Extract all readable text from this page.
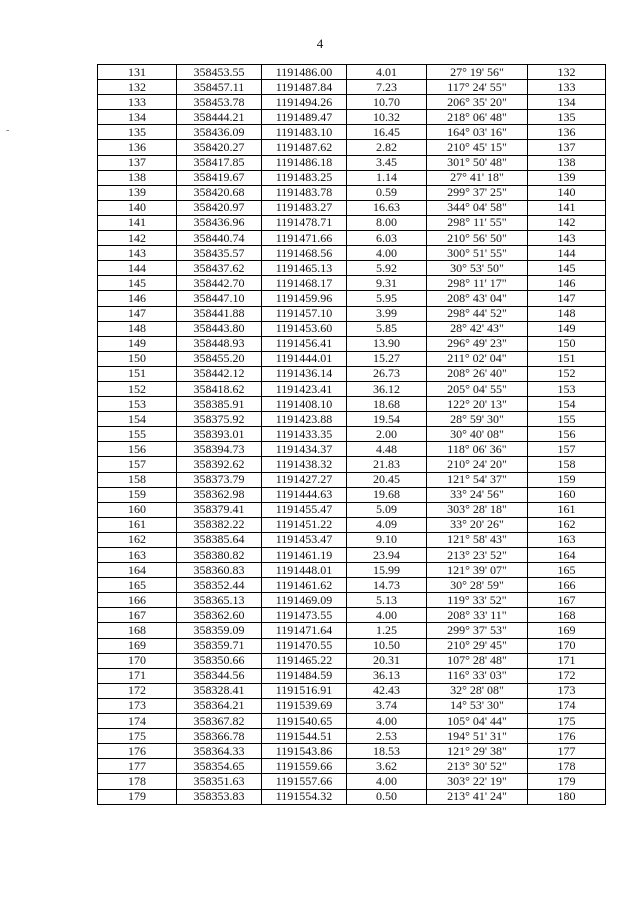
4
-
131	358453.55	1191486.00	4.01	27° 19' 56"	132
132	358457.11	1191487.84	7.23	117° 24' 55"	133
133	358453.78	1191494.26	10.70	206° 35' 20"	134
134	358444.21	1191489.47	10.32	218° 06' 48"	135
135	358436.09	1191483.10	16.45	164° 03' 16"	136
136	358420.27	1191487.62	2.82	210° 45' 15"	137
137	358417.85	1191486.18	3.45	301° 50' 48"	138
138	358419.67	1191483.25	1.14	27° 41' 18"	139
139	358420.68	1191483.78	0.59	299° 37' 25"	140
140	358420.97	1191483.27	16.63	344° 04' 58"	141
141	358436.96	1191478.71	8.00	298° 11' 55"	142
142	358440.74	1191471.66	6.03	210° 56' 50"	143
143	358435.57	1191468.56	4.00	300° 51' 55"	144
144	358437.62	1191465.13	5.92	30° 53' 50"	145
145	358442.70	1191468.17	9.31	298° 11' 17"	146
146	358447.10	1191459.96	5.95	208° 43' 04"	147
147	358441.88	1191457.10	3.99	298° 44' 52"	148
148	358443.80	1191453.60	5.85	28° 42' 43"	149
149	358448.93	1191456.41	13.90	296° 49' 23"	150
150	358455.20	1191444.01	15.27	211° 02' 04"	151
151	358442.12	1191436.14	26.73	208° 26' 40"	152
152	358418.62	1191423.41	36.12	205° 04' 55"	153
153	358385.91	1191408.10	18.68	122° 20' 13"	154
154	358375.92	1191423.88	19.54	28° 59' 30"	155
155	358393.01	1191433.35	2.00	30° 40' 08"	156
156	358394.73	1191434.37	4.48	118° 06' 36"	157
157	358392.62	1191438.32	21.83	210° 24' 20"	158
158	358373.79	1191427.27	20.45	121° 54' 37"	159
159	358362.98	1191444.63	19.68	33° 24' 56"	160
160	358379.41	1191455.47	5.09	303° 28' 18"	161
161	358382.22	1191451.22	4.09	33° 20' 26"	162
162	358385.64	1191453.47	9.10	121° 58' 43"	163
163	358380.82	1191461.19	23.94	213° 23' 52"	164
164	358360.83	1191448.01	15.99	121° 39' 07"	165
165	358352.44	1191461.62	14.73	30° 28' 59"	166
166	358365.13	1191469.09	5.13	119° 33' 52"	167
167	358362.60	1191473.55	4.00	208° 33' 11"	168
168	358359.09	1191471.64	1.25	299° 37' 53"	169
169	358359.71	1191470.55	10.50	210° 29' 45"	170
170	358350.66	1191465.22	20.31	107° 28' 48"	171
171	358344.56	1191484.59	36.13	116° 33' 03"	172
172	358328.41	1191516.91	42.43	32° 28' 08"	173
173	358364.21	1191539.69	3.74	14° 53' 30"	174
174	358367.82	1191540.65	4.00	105° 04' 44"	175
175	358366.78	1191544.51	2.53	194° 51' 31"	176
176	358364.33	1191543.86	18.53	121° 29' 38"	177
177	358354.65	1191559.66	3.62	213° 30' 52"	178
178	358351.63	1191557.66	4.00	303° 22' 19"	179
179	358353.83	1191554.32	0.50	213° 41' 24"	180
